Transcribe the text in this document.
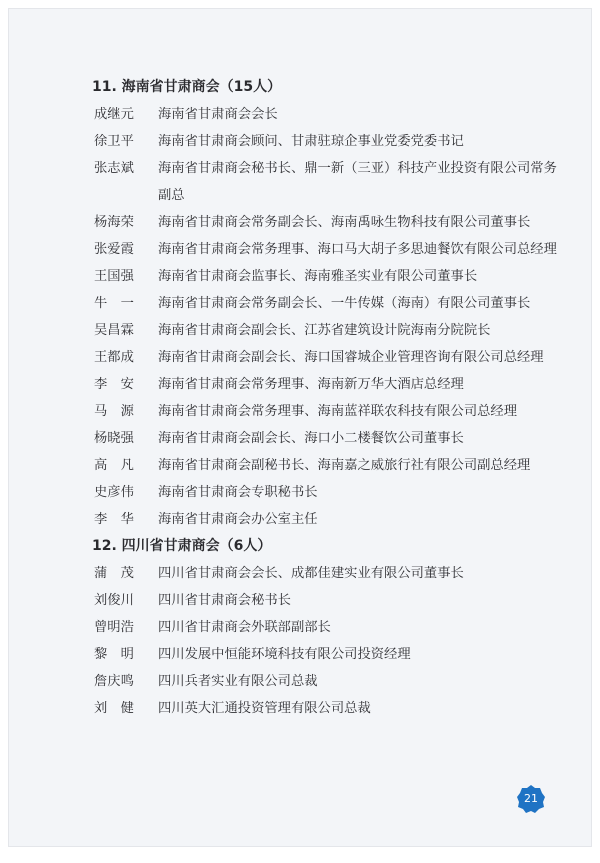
11. 海南省甘肃商会（15人）
成继元	海南省甘肃商会会长
徐卫平	海南省甘肃商会顾问、甘肃驻琼企事业党委党委书记
张志斌	海南省甘肃商会秘书长、鼎一新（三亚）科技产业投资有限公司常务副总
杨海荣	海南省甘肃商会常务副会长、海南禹咏生物科技有限公司董事长
张爱霞	海南省甘肃商会常务理事、海口马大胡子多思迪餐饮有限公司总经理
王国强	海南省甘肃商会监事长、海南雅圣实业有限公司董事长
牛　一	海南省甘肃商会常务副会长、一牛传媒（海南）有限公司董事长
吴昌霖	海南省甘肃商会副会长、江苏省建筑设计院海南分院院长
王都成	海南省甘肃商会副会长、海口国睿城企业管理咨询有限公司总经理
李　安	海南省甘肃商会常务理事、海南新万华大酒店总经理
马　源	海南省甘肃商会常务理事、海南蓝祥联农科技有限公司总经理
杨晓强	海南省甘肃商会副会长、海口小二楼餐饮公司董事长
高　凡	海南省甘肃商会副秘书长、海南嘉之威旅行社有限公司副总经理
史彦伟	海南省甘肃商会专职秘书长
李　华	海南省甘肃商会办公室主任
12. 四川省甘肃商会（6人）
蒲　茂	四川省甘肃商会会长、成都佳建实业有限公司董事长
刘俊川	四川省甘肃商会秘书长
曾明浩	四川省甘肃商会外联部副部长
黎　明	四川发展中恒能环境科技有限公司投资经理
詹庆鸣	四川兵者实业有限公司总裁
刘　健	四川英大汇通投资管理有限公司总裁
21
